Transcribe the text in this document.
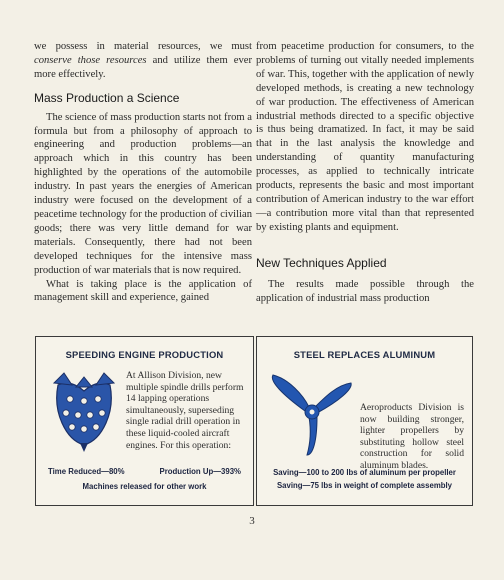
we possess in material resources, we must conserve those resources and utilize them ever more effectively.

Mass Production a Science

The science of mass production starts not from a formula but from a philosophy of approach to engineering and production problems—an approach which in this country has been highlighted by the operations of the automobile industry. In past years the energies of American industry were focused on the development of a peacetime technology for the production of civilian goods; there was very little demand for war materials. Consequently, there had not been developed techniques for the intensive mass production of war materials that is now required.

What is taking place is the application of management skill and experience, gained

from peacetime production for consumers, to the problems of turning out vitally needed implements of war. This, together with the application of newly developed methods, is creating a new technology of war production. The effectiveness of American industrial methods directed to a specific objective is thus being dramatized. In fact, it may be said that in the last analysis the knowledge and understanding of quantity manufacturing processes, as applied to technically intricate products, represents the basic and most important contribution of American industry to the war effort—a contribution more vital than that represented by existing plants and equipment.

New Techniques Applied

The results made possible through the application of industrial mass production

SPEEDING ENGINE PRODUCTION
At Allison Division, new multiple spindle drills perform 14 lapping operations simultaneously, superseding single radial drill operation in these liquid-cooled aircraft engines. For this operation:
Time Reduced—80%	Production Up—393%
Machines released for other work
STEEL REPLACES ALUMINUM
Aeroproducts Division is now building stronger, lighter propellers by substituting hollow steel construction for solid aluminum blades.
Saving—100 to 200 lbs of aluminum per propeller
Saving—75 lbs in weight of complete assembly
3
